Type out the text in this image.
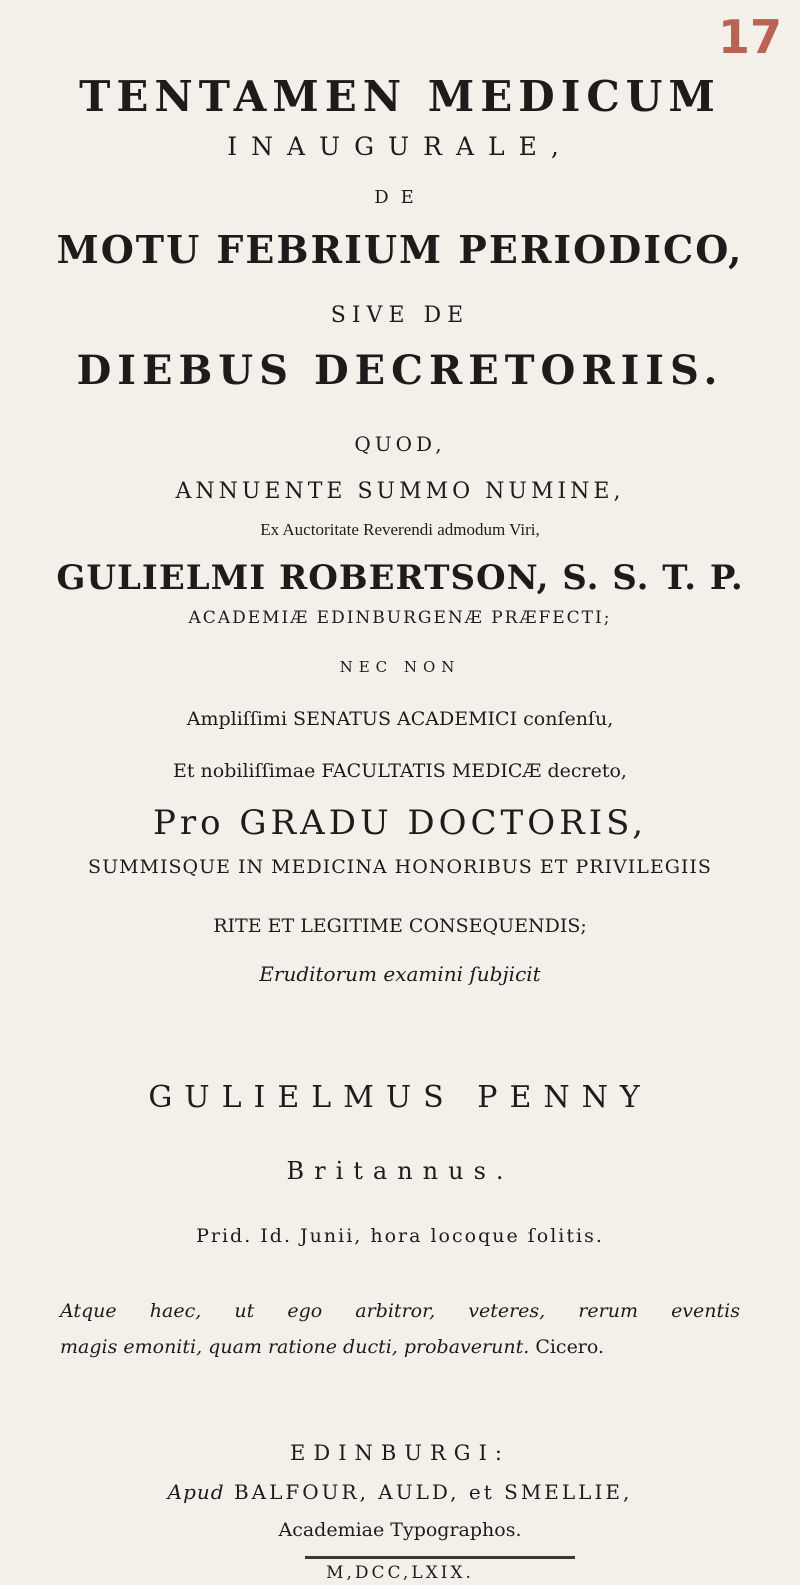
17
TENTAMEN MEDICUM
INAUGURALE,
DE
MOTU FEBRIUM PERIODICO,
SIVE DE
DIEBUS DECRETORIIS.
QUOD,
ANNUENTE SUMMO NUMINE,
Ex Auctoritate Reverendi admodum Viri,
GULIELMI ROBERTSON, S. S. T. P.
ACADEMIÆ EDINBURGENÆ PRÆFECTI;
NEC NON
Ampliſſimi SENATUS ACADEMICI conſenſu,
Et nobiliſſimae FACULTATIS MEDICÆ decreto,
Pro GRADU DOCTORIS,
SUMMISQUE IN MEDICINA HONORIBUS ET PRIVILEGIIS
RITE ET LEGITIME CONSEQUENDIS;
Eruditorum examini ſubjicit
GULIELMUS PENNY
Britannus.
Prid. Id. Junii, hora locoque ſolitis.
Atque haec, ut ego arbitror, veteres, rerum eventis
magis emoniti, quam ratione ducti, probaverunt. Cicero.
EDINBURGI:
Apud BALFOUR, AULD, et SMELLIE,
Academiae Typographos.
M,DCC,LXIX.
